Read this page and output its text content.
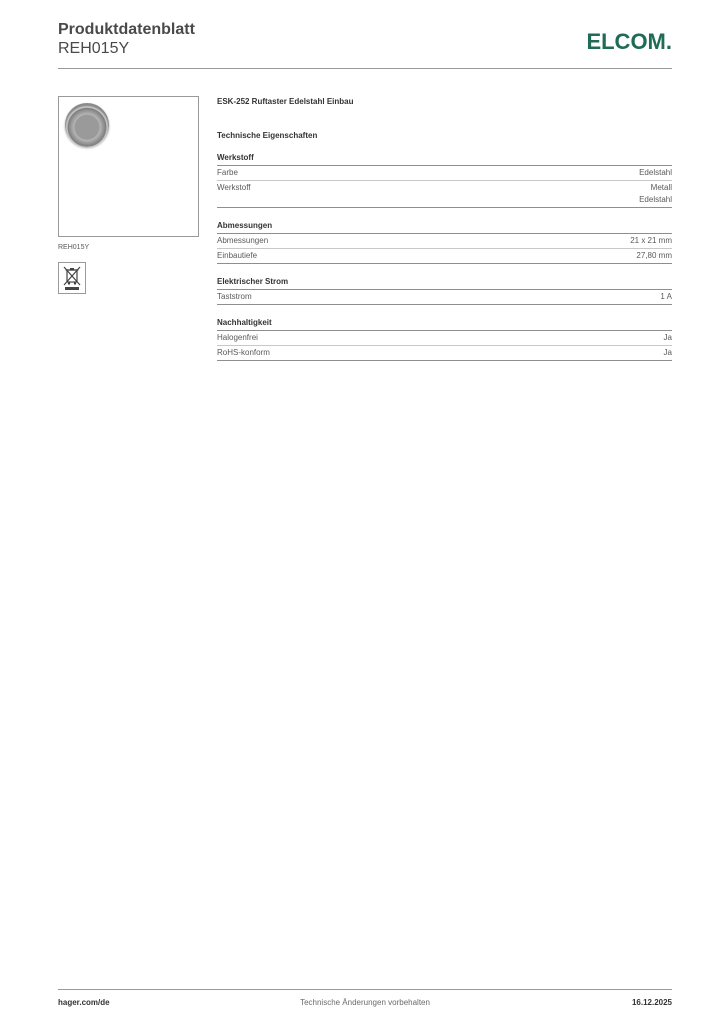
Produktdatenblatt
REH015Y	ELCOM.
REH015Y
ESK-252 Ruftaster Edelstahl Einbau
Technische Eigenschaften
Werkstoff
Farbe	Edelstahl
Werkstoff	Metall
Edelstahl
Abmessungen
Abmessungen	21 x 21 mm
Einbautiefe	27,80 mm
Elektrischer Strom
Taststrom	1 A
Nachhaltigkeit
Halogenfrei	Ja
RoHS-konform	Ja
hager.com/de	Technische Änderungen vorbehalten	16.12.2025
